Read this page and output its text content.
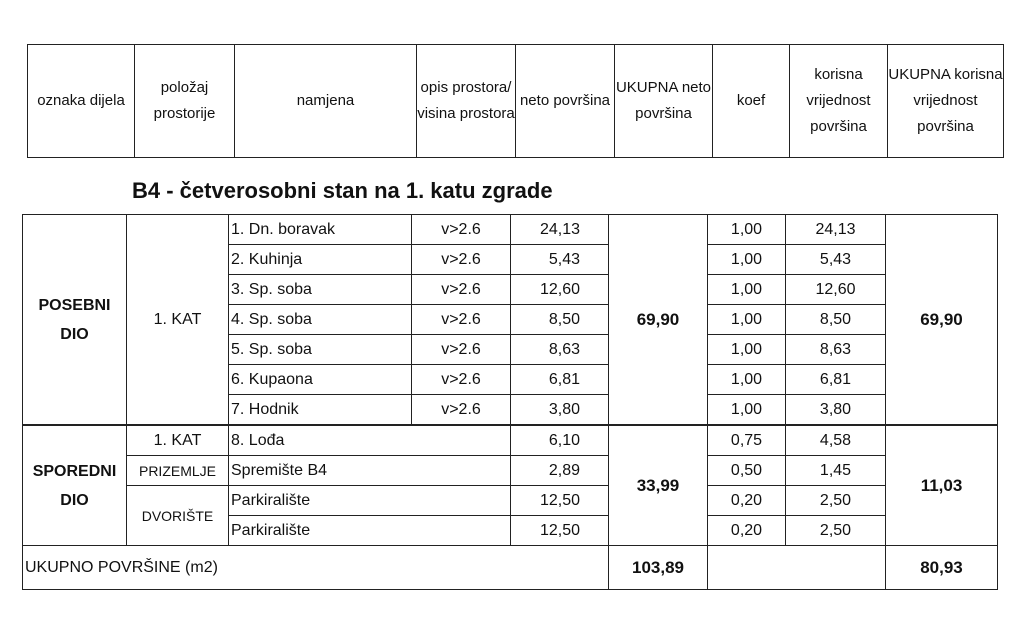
oznaka dijela	položaj prostorije	namjena	opis prostora/ visina prostora	neto površina	UKUPNA neto površina	koef	korisna vrijednost površina	UKUPNA korisna vrijednost površina
B4 - četverosobni stan na 1. katu zgrade
POSEBNI DIO	1. KAT	1. Dn. boravak	v>2.6	24,13	69,90	1,00	24,13	69,90
		2. Kuhinja	v>2.6	5,43		1,00	5,43	
		3. Sp. soba	v>2.6	12,60		1,00	12,60	
		4. Sp. soba	v>2.6	8,50		1,00	8,50	
		5. Sp. soba	v>2.6	8,63		1,00	8,63	
		6. Kupaona	v>2.6	6,81		1,00	6,81	
		7. Hodnik	v>2.6	3,80		1,00	3,80	
SPOREDNI DIO	1. KAT	8. Lođa		6,10	33,99	0,75	4,58	11,03
	PRIZEMLJE	Spremište B4		2,89		0,50	1,45	
	DVORIŠTE	Parkiralište		12,50		0,20	2,50	
		Parkiralište		12,50		0,20	2,50	
UKUPNO POVRŠINE (m2)					103,89			80,93
